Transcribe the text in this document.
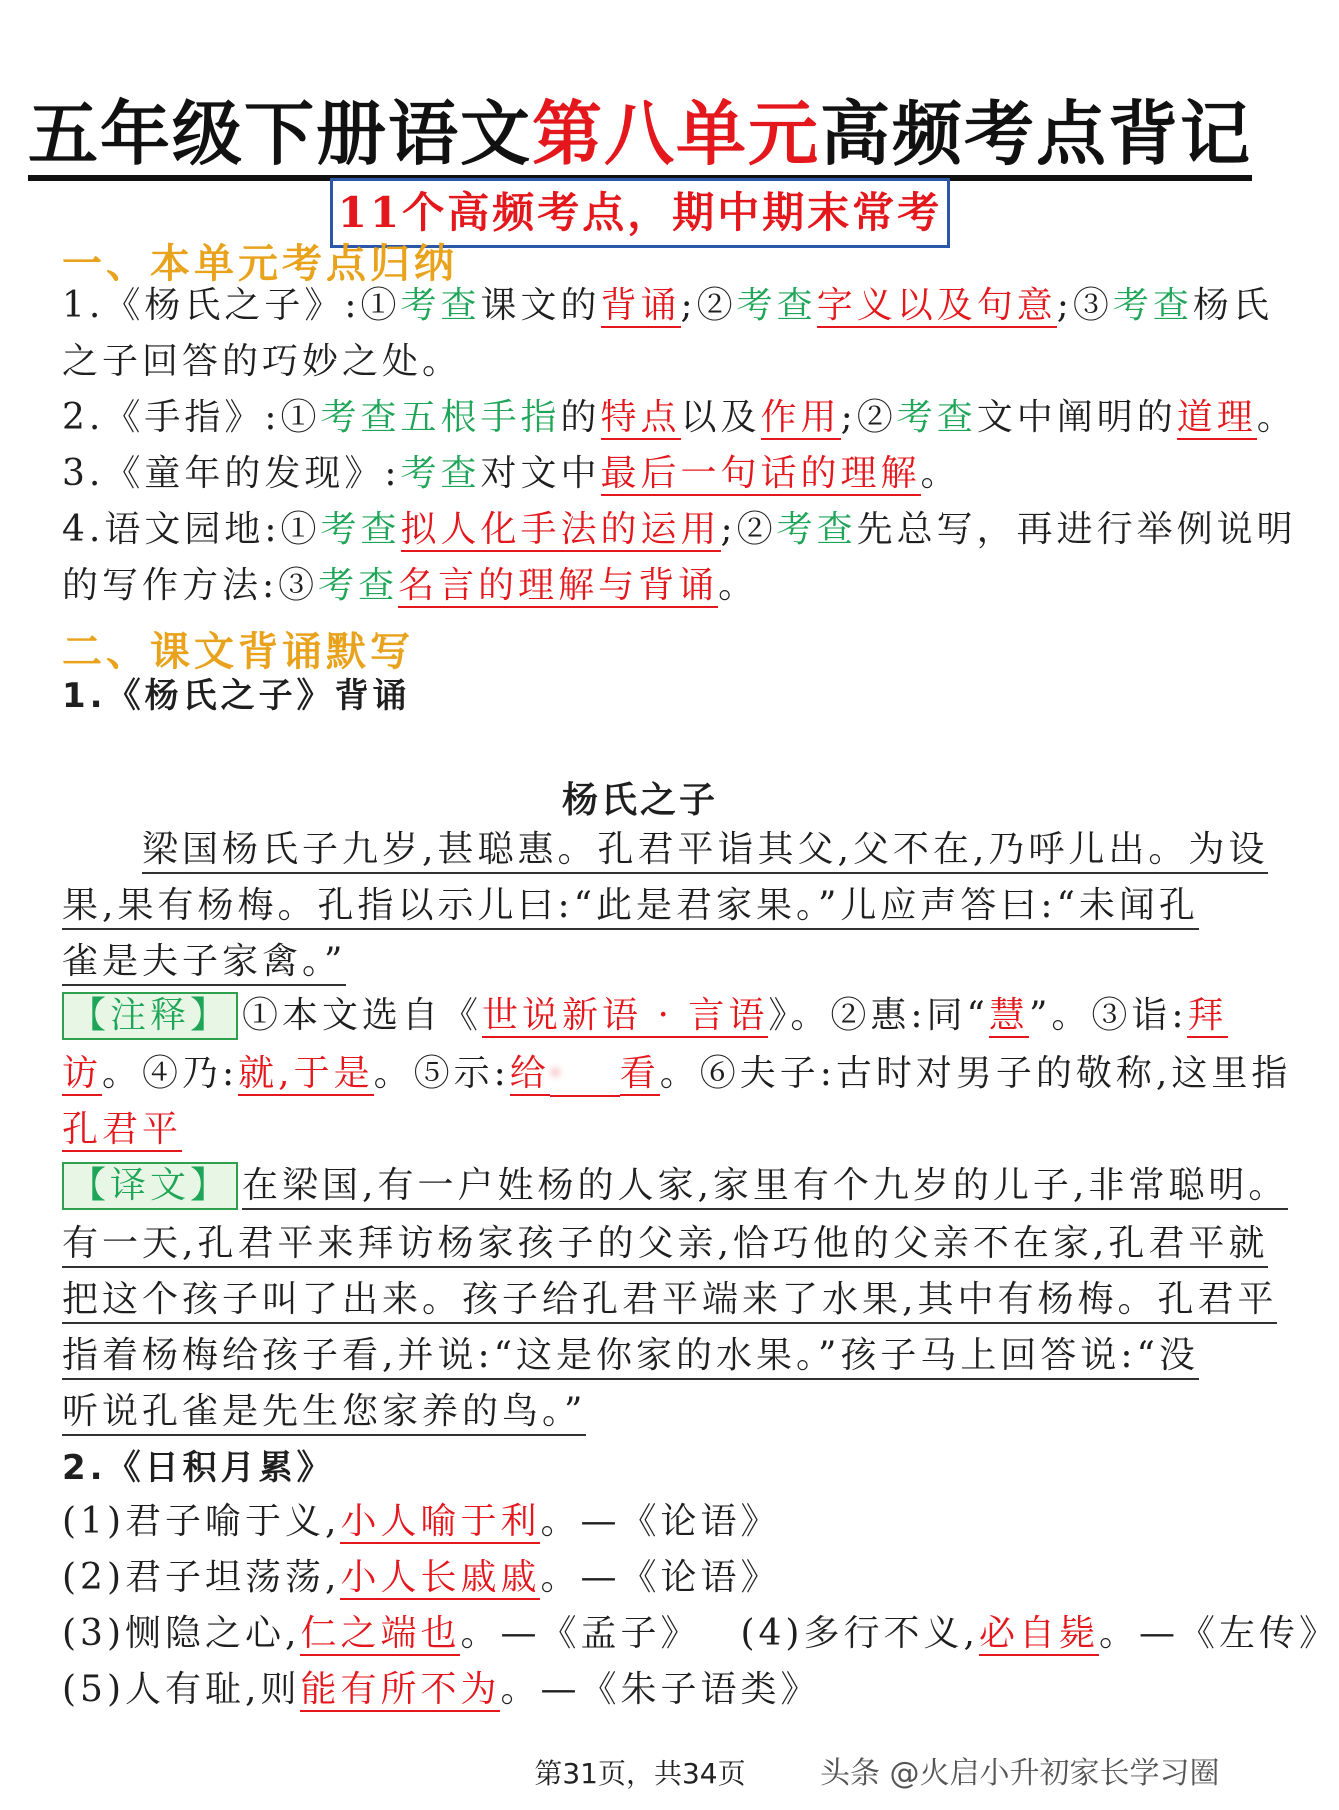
五年级下册语文第八单元高频考点背记
11个高频考点，期中期末常考
一、本单元考点归纳
1.《杨氏之子》:①考查课文的背诵;②考查字义以及句意;③考查杨氏
之子回答的巧妙之处。
2.《手指》:①考查五根手指的特点以及作用;②考查文中阐明的道理。
3.《童年的发现》:考查对文中最后一句话的理解。
4.语文园地:①考查拟人化手法的运用;②考查先总写，再进行举例说明
的写作方法:③考查名言的理解与背诵。
二、课文背诵默写
1.《杨氏之子》背诵
杨氏之子
梁国杨氏子九岁,甚聪惠。孔君平诣其父,父不在,乃呼儿出。为设
果,果有杨梅。孔指以示儿曰:“此是君家果。”儿应声答曰:“未闻孔
雀是夫子家禽。”
【注释】 ①本文选自《世说新语 · 言语》。②惠:同“慧”。③诣:拜
访。④乃:就,于是。⑤示:给· 看。⑥夫子:古时对男子的敬称,这里指
孔君平
【译文】 在梁国,有一户姓杨的人家,家里有个九岁的儿子,非常聪明。
有一天,孔君平来拜访杨家孩子的父亲,恰巧他的父亲不在家,孔君平就
把这个孩子叫了出来。孩子给孔君平端来了水果,其中有杨梅。孔君平
指着杨梅给孩子看,并说:“这是你家的水果。”孩子马上回答说:“没
听说孔雀是先生您家养的鸟。”
2.《日积月累》
(1)君子喻于义,小人喻于利。—《论语》
(2)君子坦荡荡,小人长戚戚。—《论语》
(3)恻隐之心,仁之端也。—《孟子》 (4)多行不义,必自毙。—《左传》
(5)人有耻,则能有所不为。—《朱子语类》
第31页，共34页	头条 @火启小升初家长学习圈
